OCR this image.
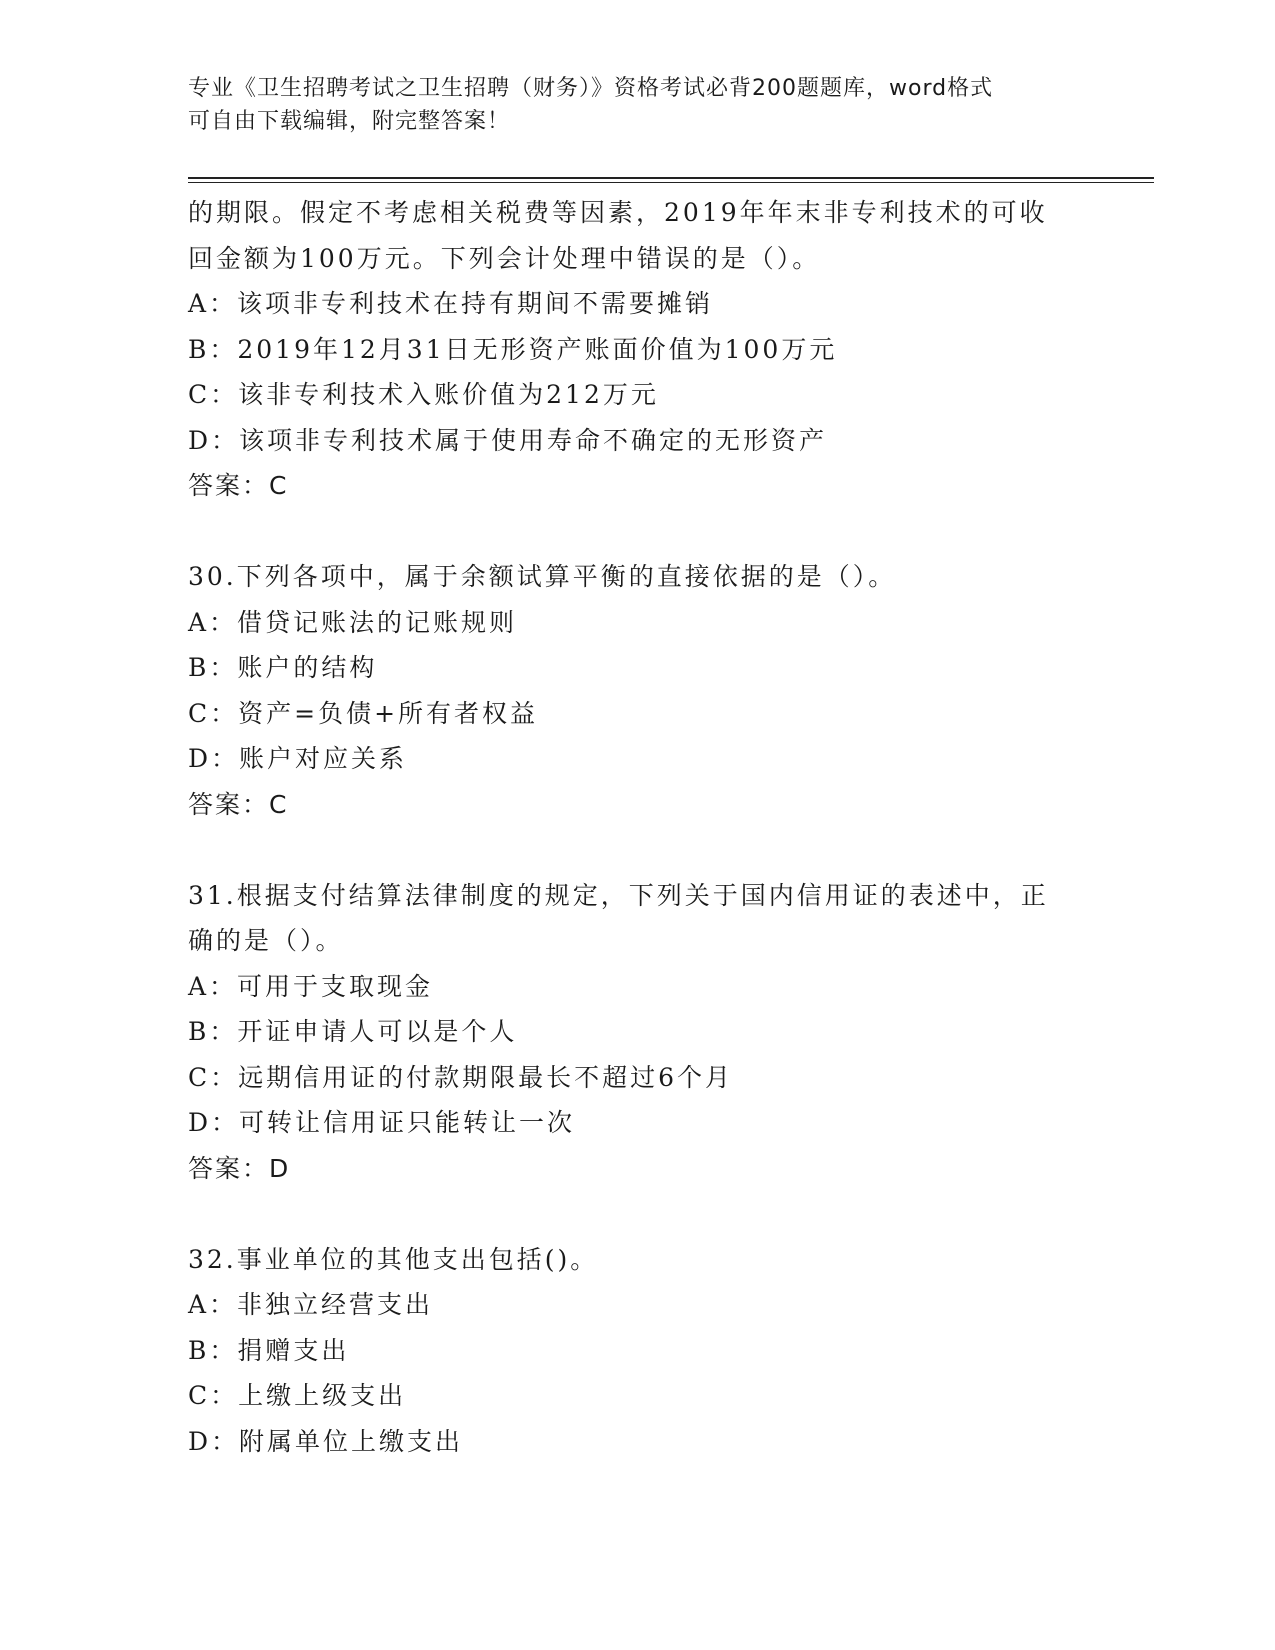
专业《卫生招聘考试之卫生招聘（财务）》资格考试必背200题题库，word格式
可自由下载编辑，附完整答案！
的期限。假定不考虑相关税费等因素，2019年年末非专利技术的可收
回金额为100万元。下列会计处理中错误的是（）。
A：该项非专利技术在持有期间不需要摊销
B：2019年12月31日无形资产账面价值为100万元
C：该非专利技术入账价值为212万元
D：该项非专利技术属于使用寿命不确定的无形资产
答案：C
30.下列各项中，属于余额试算平衡的直接依据的是（）。
A：借贷记账法的记账规则
B：账户的结构
C：资产=负债+所有者权益
D：账户对应关系
答案：C
31.根据支付结算法律制度的规定，下列关于国内信用证的表述中，正
确的是（）。
A：可用于支取现金
B：开证申请人可以是个人
C：远期信用证的付款期限最长不超过6个月
D：可转让信用证只能转让一次
答案：D
32.事业单位的其他支出包括()。
A：非独立经营支出
B：捐赠支出
C：上缴上级支出
D：附属单位上缴支出
